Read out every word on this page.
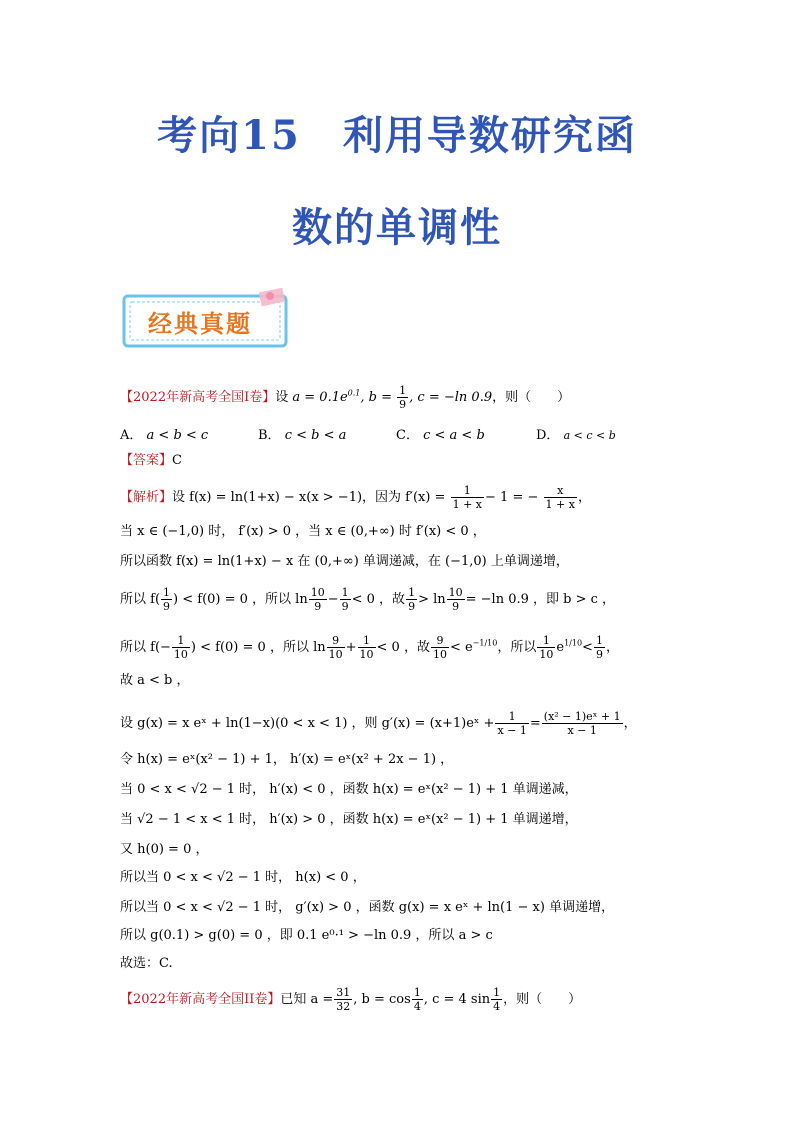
考向15　利用导数研究函
数的单调性
经典真题
【2022年新高考全国I卷】设 $a = 0.1e^{0.1}$, $b = \frac{1}{9}$ , c = −ln 0.9，则（　　）
A． a < b < c	B． c < b < a	C． c < a < b	D． a < c < b
【答案】C
【解析】设 f(x) = ln(1+x) − x(x > −1)，因为 $f'(x) = \frac{1}{1 + x} - 1$ = − $\frac{x}{1 + x}$ ，
当 x ∈ (−1,0) 时， f′(x) > 0 ，当 x ∈ (0,+∞) 时 f′(x) < 0 ，
所以函数 f(x) = ln(1+x) − x 在 (0,+∞) 单调递减，在 (−1,0) 上单调递增，
所以 $f( \frac{1}{9}$ ) < f(0) = 0 ，所以 $\ln \frac{10}{9} - \frac{1}{9} < 0$ ，故 $\frac{1}{9} > \ln \frac{10}{9} = -\ln$ 0.9 ，即 b > c ，
所以 $f(- \frac{1}{10}$ ) < f(0) = 0 ，所以 $\ln \frac{9}{10} + \frac{1}{10} < 0$ ，故 $\frac{9}{10} < e^{-1/10}$，所以 $\frac{1}{10} e^{1/10}< \frac{1}{9}$ ，
故 a < b ，
设 g(x) = x eˣ + ln(1−x)(0 < x < 1) ，则 g′(x) = (x+1)eˣ + $\frac{1}{x - 1} = \frac{\text{(x² − 1)eˣ + 1}}{x - 1}$ ，
令 h(x) = eˣ(x² − 1) + 1， h′(x) = eˣ(x² + 2x − 1) ，
当 0 < x < √2 − 1 时， h′(x) < 0 ，函数 h(x) = eˣ(x² − 1) + 1 单调递减，
当 √2 − 1 < x < 1 时， h′(x) > 0 ，函数 h(x) = eˣ(x² − 1) + 1 单调递增，
又 h(0) = 0 ，
所以当 0 < x < √2 − 1 时， h(x) < 0 ，
所以当 0 < x < √2 − 1 时， g′(x) > 0 ，函数 g(x) = x eˣ + ln(1 − x) 单调递增，
所以 g(0.1) > g(0) = 0 ，即 0.1 e⁰·¹ > −ln 0.9 ，所以 a > c
故选：C.
【2022年新高考全国II卷】已知 $a = \frac{31}{32}$ , $b = \cos \frac{1}{4}$ , c = 4 $\sin \frac{1}{4}$ ，则（　　）
